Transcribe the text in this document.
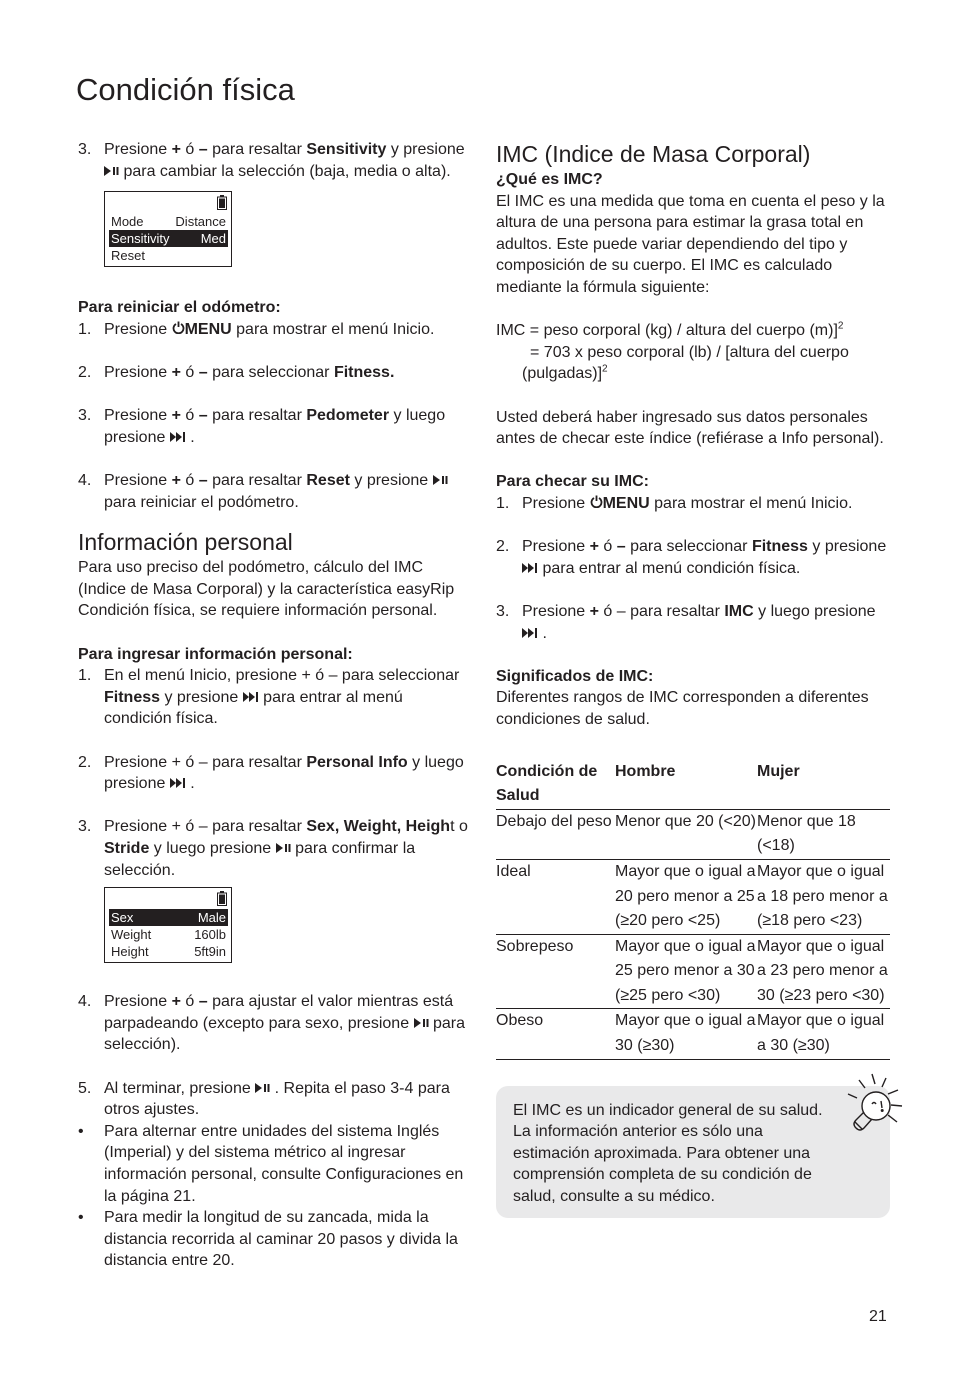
Condición física
3. Presione + ó – para resaltar Sensitivity y presione  para cambiar la selección (baja, media o alta).
Mode Distance
Sensitivity Med
Reset

Para reiniciar el odómetro:

1. Presione MENU para mostrar el menú Inicio.
2. Presione + ó – para seleccionar Fitness.
3. Presione + ó – para resaltar Pedometer y luego presione  .
4. Presione + ó – para resaltar Reset y presione  para reiniciar el podómetro.
Información personal

Para uso preciso del podómetro, cálculo del IMC (Indice de Masa Corporal) y la característica easyRip Condición física, se requiere información personal.

Para ingresar información personal:

1. En el menú Inicio, presione + ó – para seleccionar Fitness y presione  para entrar al menú condición física.
2. Presione + ó – para resaltar Personal Info y luego presione  .
3. Presione + ó – para resaltar Sex, Weight, Height o Stride y luego presione  para confirmar la selección.
Sex	Male
Weight	160lb
Height	5ft9in
4. Presione + ó – para ajustar el valor mientras está parpadeando (excepto para sexo, presione  para selección).
5. Al terminar, presione  . Repita el paso 3-4 para otros ajustes.
• Para alternar entre unidades del sistema Inglés (Imperial) y del sistema métrico al ingresar información personal, consulte Configuraciones en la página 21.
• Para medir la longitud de su zancada, mida la distancia recorrida al caminar 20 pasos y divida la distancia entre 20.
IMC (Indice de Masa Corporal)

¿Qué es IMC?

El IMC es una medida que toma en cuenta el peso y la altura de una persona para estimar la grasa total en adultos. Este puede variar dependiendo del tipo y composición de su cuerpo. El IMC es calculado mediante la fórmula siguiente:

IMC = peso corporal (kg) / altura del cuerpo (m)]$^2$

= 703 x peso corporal (lb) / [altura del cuerpo (pulgadas)]$^2$

Usted deberá haber ingresado sus datos personales antes de checar este índice (refiérase a Info personal).

Para checar su IMC:

1. Presione MENU para mostrar el menú Inicio.
2. Presione + ó – para seleccionar Fitness y presione  para entrar al menú condición física.
3. Presione + ó – para resaltar IMC y luego presione  .

Significados de IMC:

Diferentes rangos de IMC corresponden a diferentes condiciones de salud.

Condición de Salud	Hombre	Mujer
Debajo del peso	Menor que 20 (<20)	Menor que 18 (<18)
Ideal	Mayor que o igual a 20 pero menor a 25 (≥20 pero <25)	Mayor que o igual a 18 pero menor a (≥18 pero <23)
Sobrepeso	Mayor que o igual a 25 pero menor a 30 (≥25 pero <30)	Mayor que o igual a 23 pero menor a 30 (≥23 pero <30)
Obeso	Mayor que o igual a 30 (≥30)	Mayor que o igual a 30 (≥30)

El IMC es un indicador general de su salud. La información anterior es sólo una estimación aproximada. Para obtener una comprensión completa de su condición de salud, consulte a su médico.

21
